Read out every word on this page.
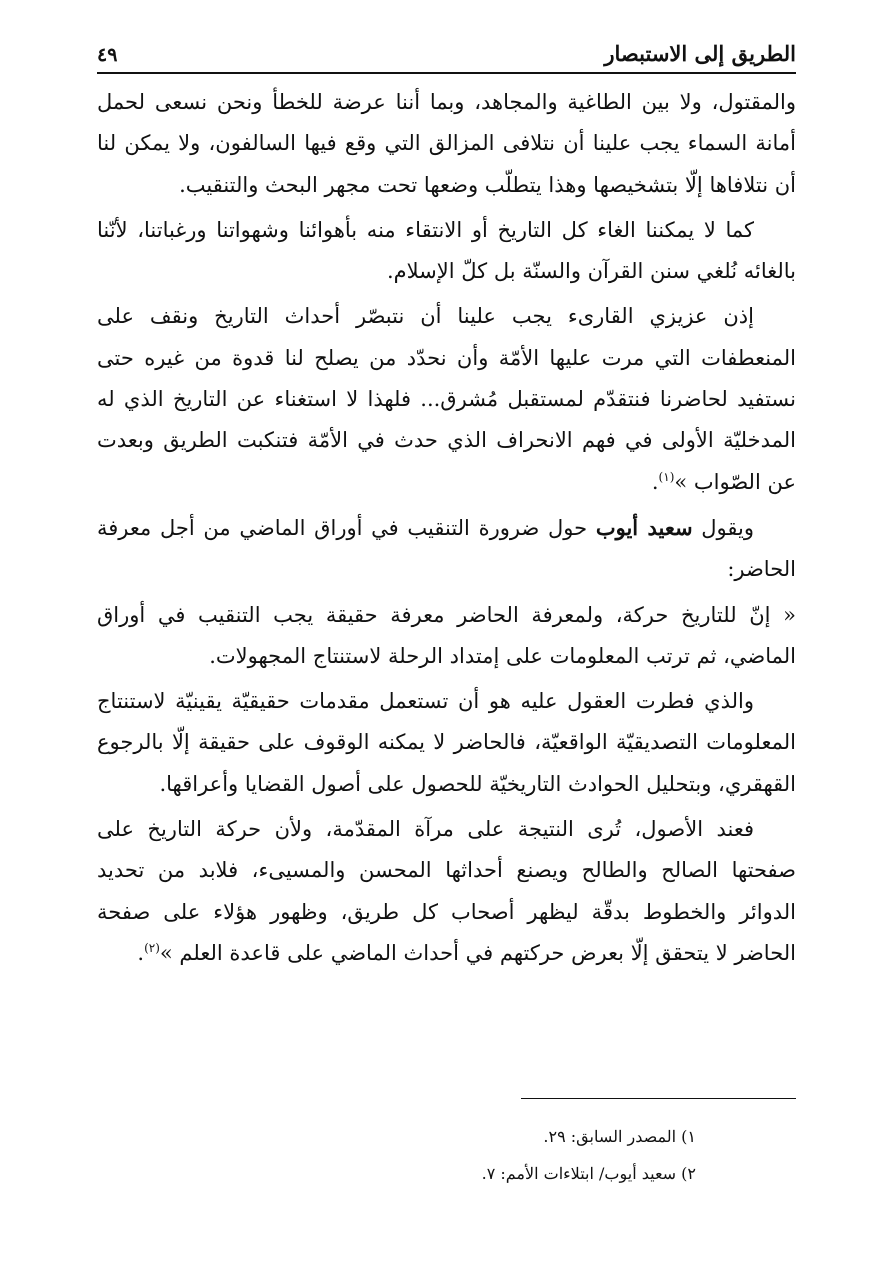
الطريق إلى الاستبصار
٤٩

والمقتول، ولا بين الطاغية والمجاهد، وبما أننا عرضة للخطأ ونحن نسعى لحمل أمانة السماء يجب علينا أن نتلافى المزالق التي وقع فيها السالفون، ولا يمكن لنا أن نتلافاها إلّا بتشخيصها وهذا يتطلّب وضعها تحت مجهر البحث والتنقيب.

كما لا يمكننا الغاء كل التاريخ أو الانتقاء منه بأهوائنا وشهواتنا ورغباتنا، لأنّنا بالغائه نُلغي سنن القرآن والسنّة بل كلّ الإسلام.

إذن عزيزي القارىء يجب علينا أن نتبصّر أحداث التاريخ ونقف على المنعطفات التي مرت عليها الأمّة وأن نحدّد من يصلح لنا قدوة من غيره حتى نستفيد لحاضرنا فنتقدّم لمستقبل مُشرق... فلهذا لا استغناء عن التاريخ الذي له المدخليّة الأولى في فهم الانحراف الذي حدث في الأمّة فتنكبت الطريق وبعدت عن الصّواب »$^{(١)}$.

ويقول سعيد أيوب حول ضرورة التنقيب في أوراق الماضي من أجل معرفة الحاضر:

« إنّ للتاريخ حركة، ولمعرفة الحاضر معرفة حقيقة يجب التنقيب في أوراق الماضي، ثم ترتب المعلومات على إمتداد الرحلة لاستنتاج المجهولات.

والذي فطرت العقول عليه هو أن تستعمل مقدمات حقيقيّة يقينيّة لاستنتاج المعلومات التصديقيّة الواقعيّة، فالحاضر لا يمكنه الوقوف على حقيقة إلّا بالرجوع القهقري، وبتحليل الحوادث التاريخيّة للحصول على أصول القضايا وأعراقها.

فعند الأصول، تُرى النتيجة على مرآة المقدّمة، ولأن حركة التاريخ على صفحتها الصالح والطالح ويصنع أحداثها المحسن والمسيىء، فلابد من تحديد الدوائر والخطوط بدقّة ليظهر أصحاب كل طريق، وظهور هؤلاء على صفحة الحاضر لا يتحقق إلّا بعرض حركتهم في أحداث الماضي على قاعدة العلم »$^{(٢)}$.

١) المصدر السابق: ٢٩.
٢) سعيد أيوب/ ابتلاءات الأمم: ٧.
